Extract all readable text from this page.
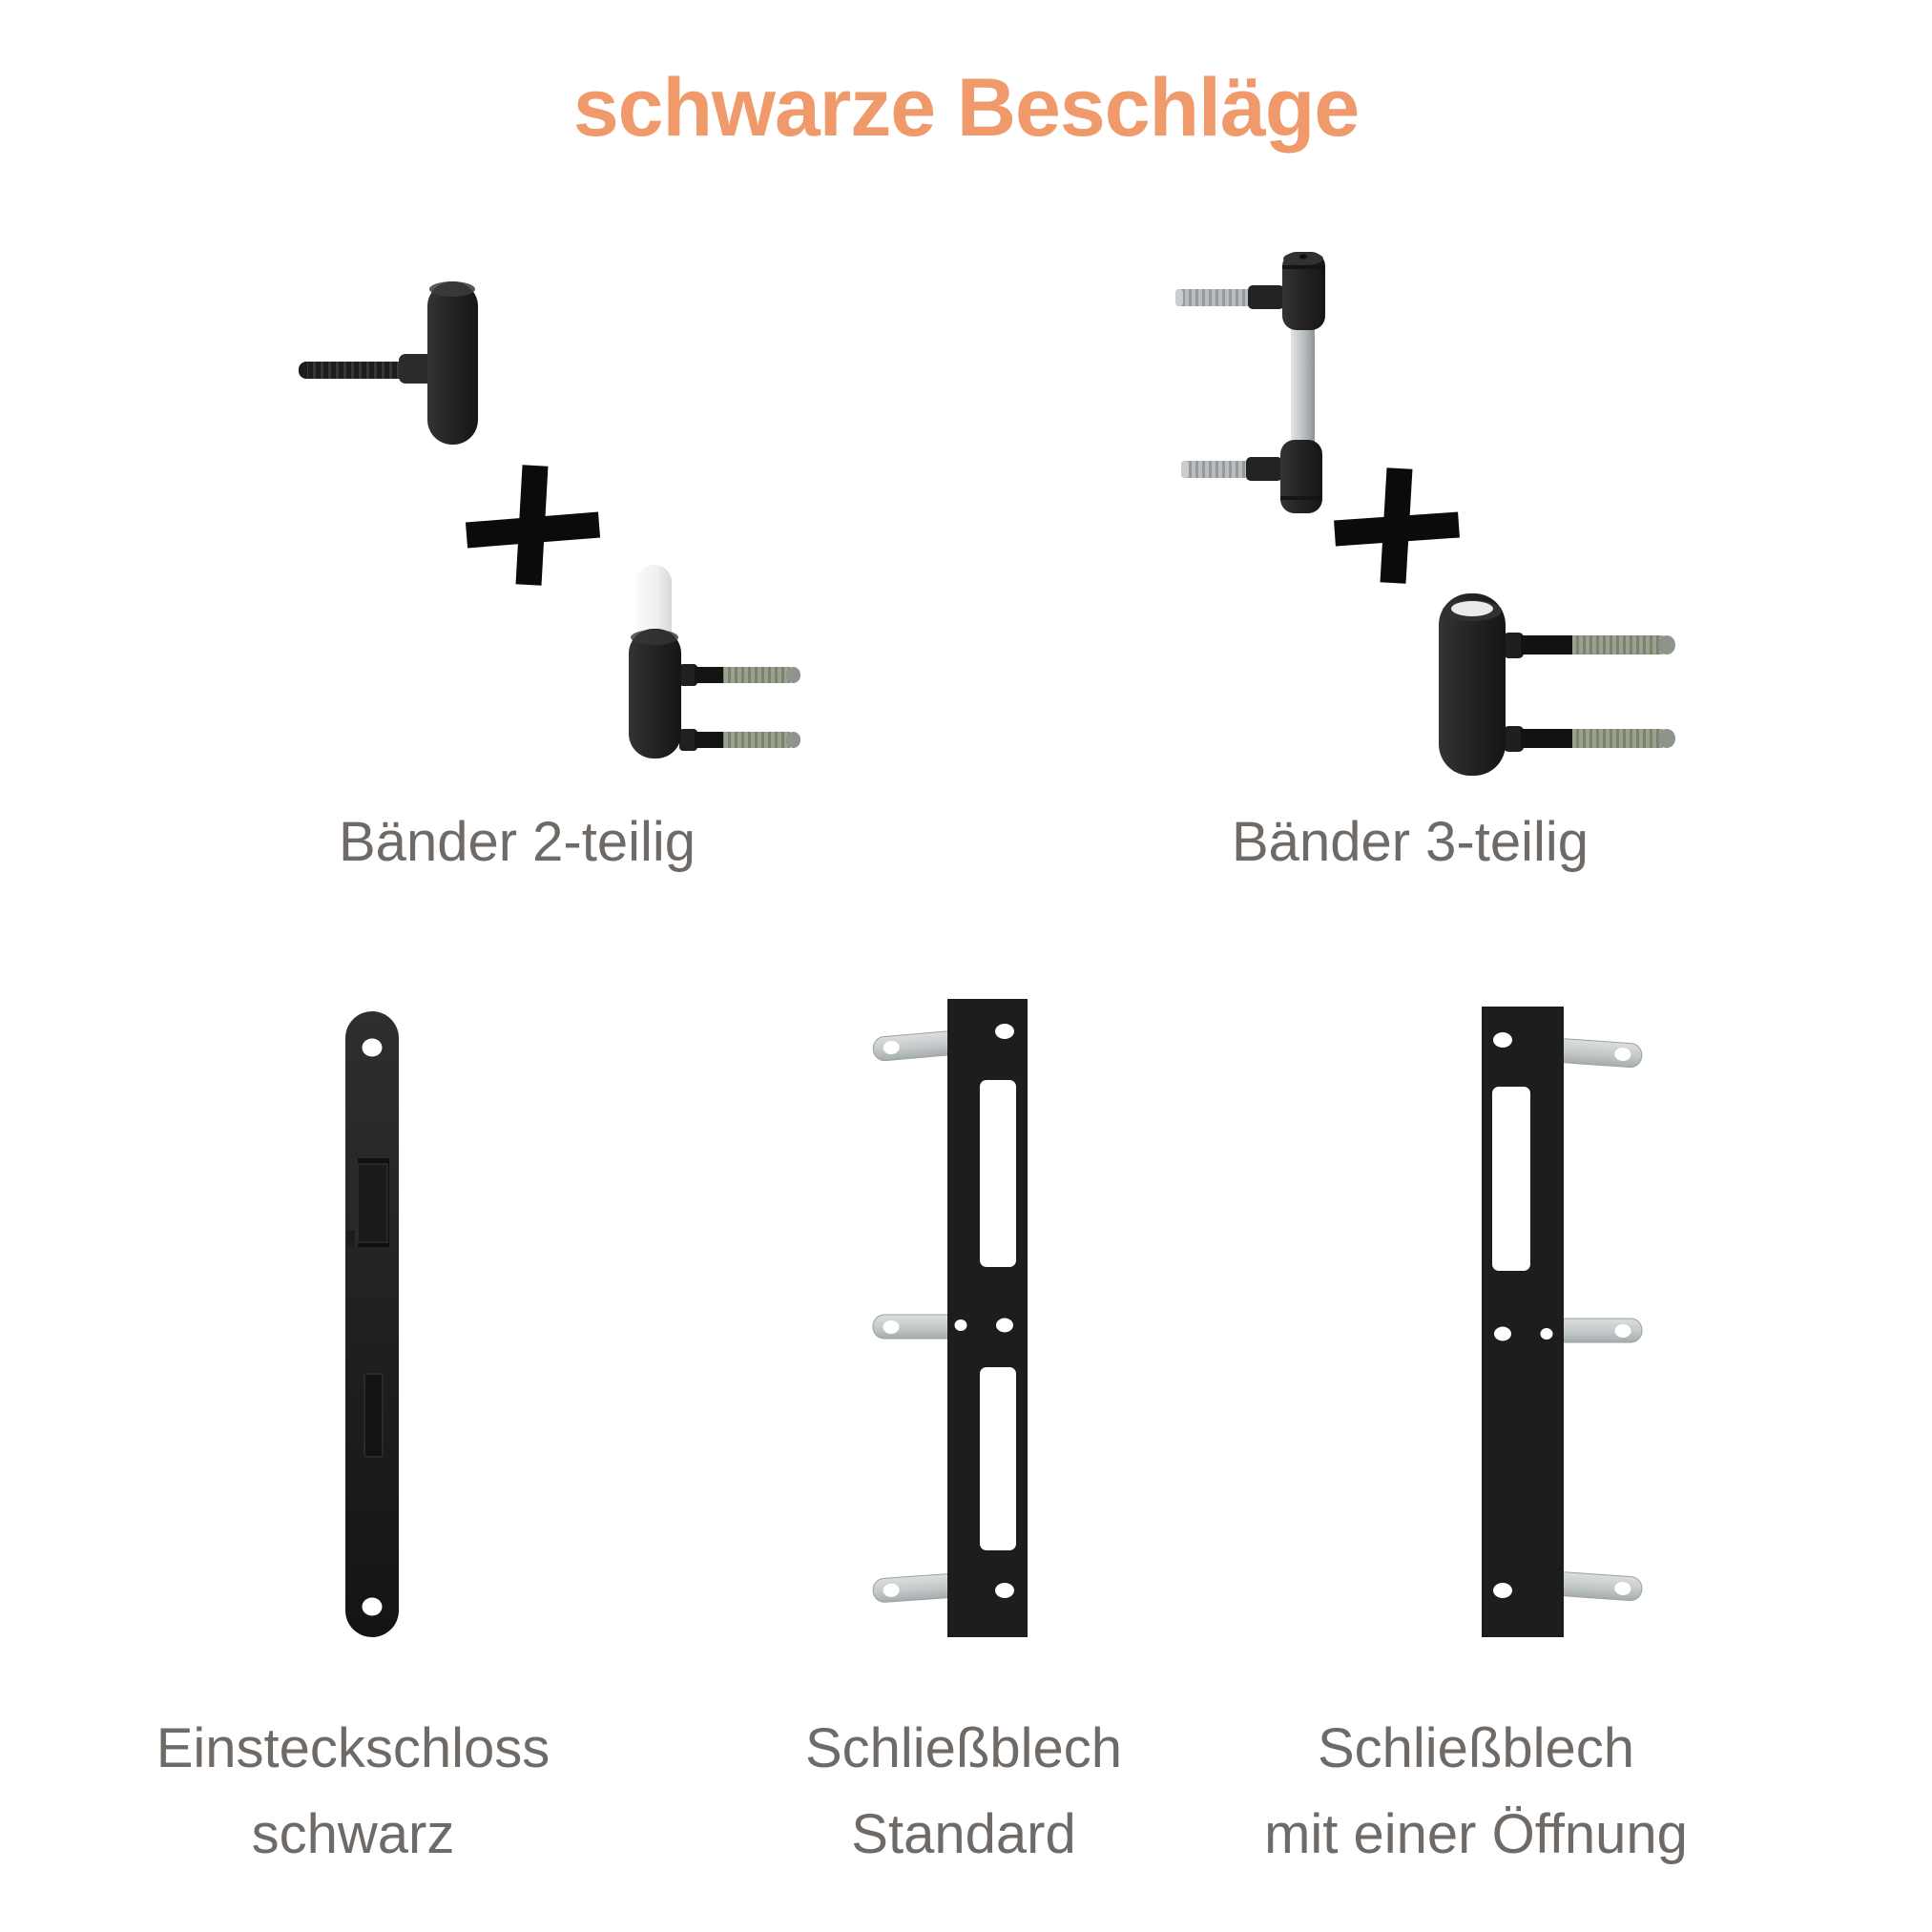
schwarze Beschläge
Bänder 2-teilig	Bänder 3-teilig
Einsteckschloss
schwarz
Schließblech
Standard
Schließblech
mit einer Öffnung
